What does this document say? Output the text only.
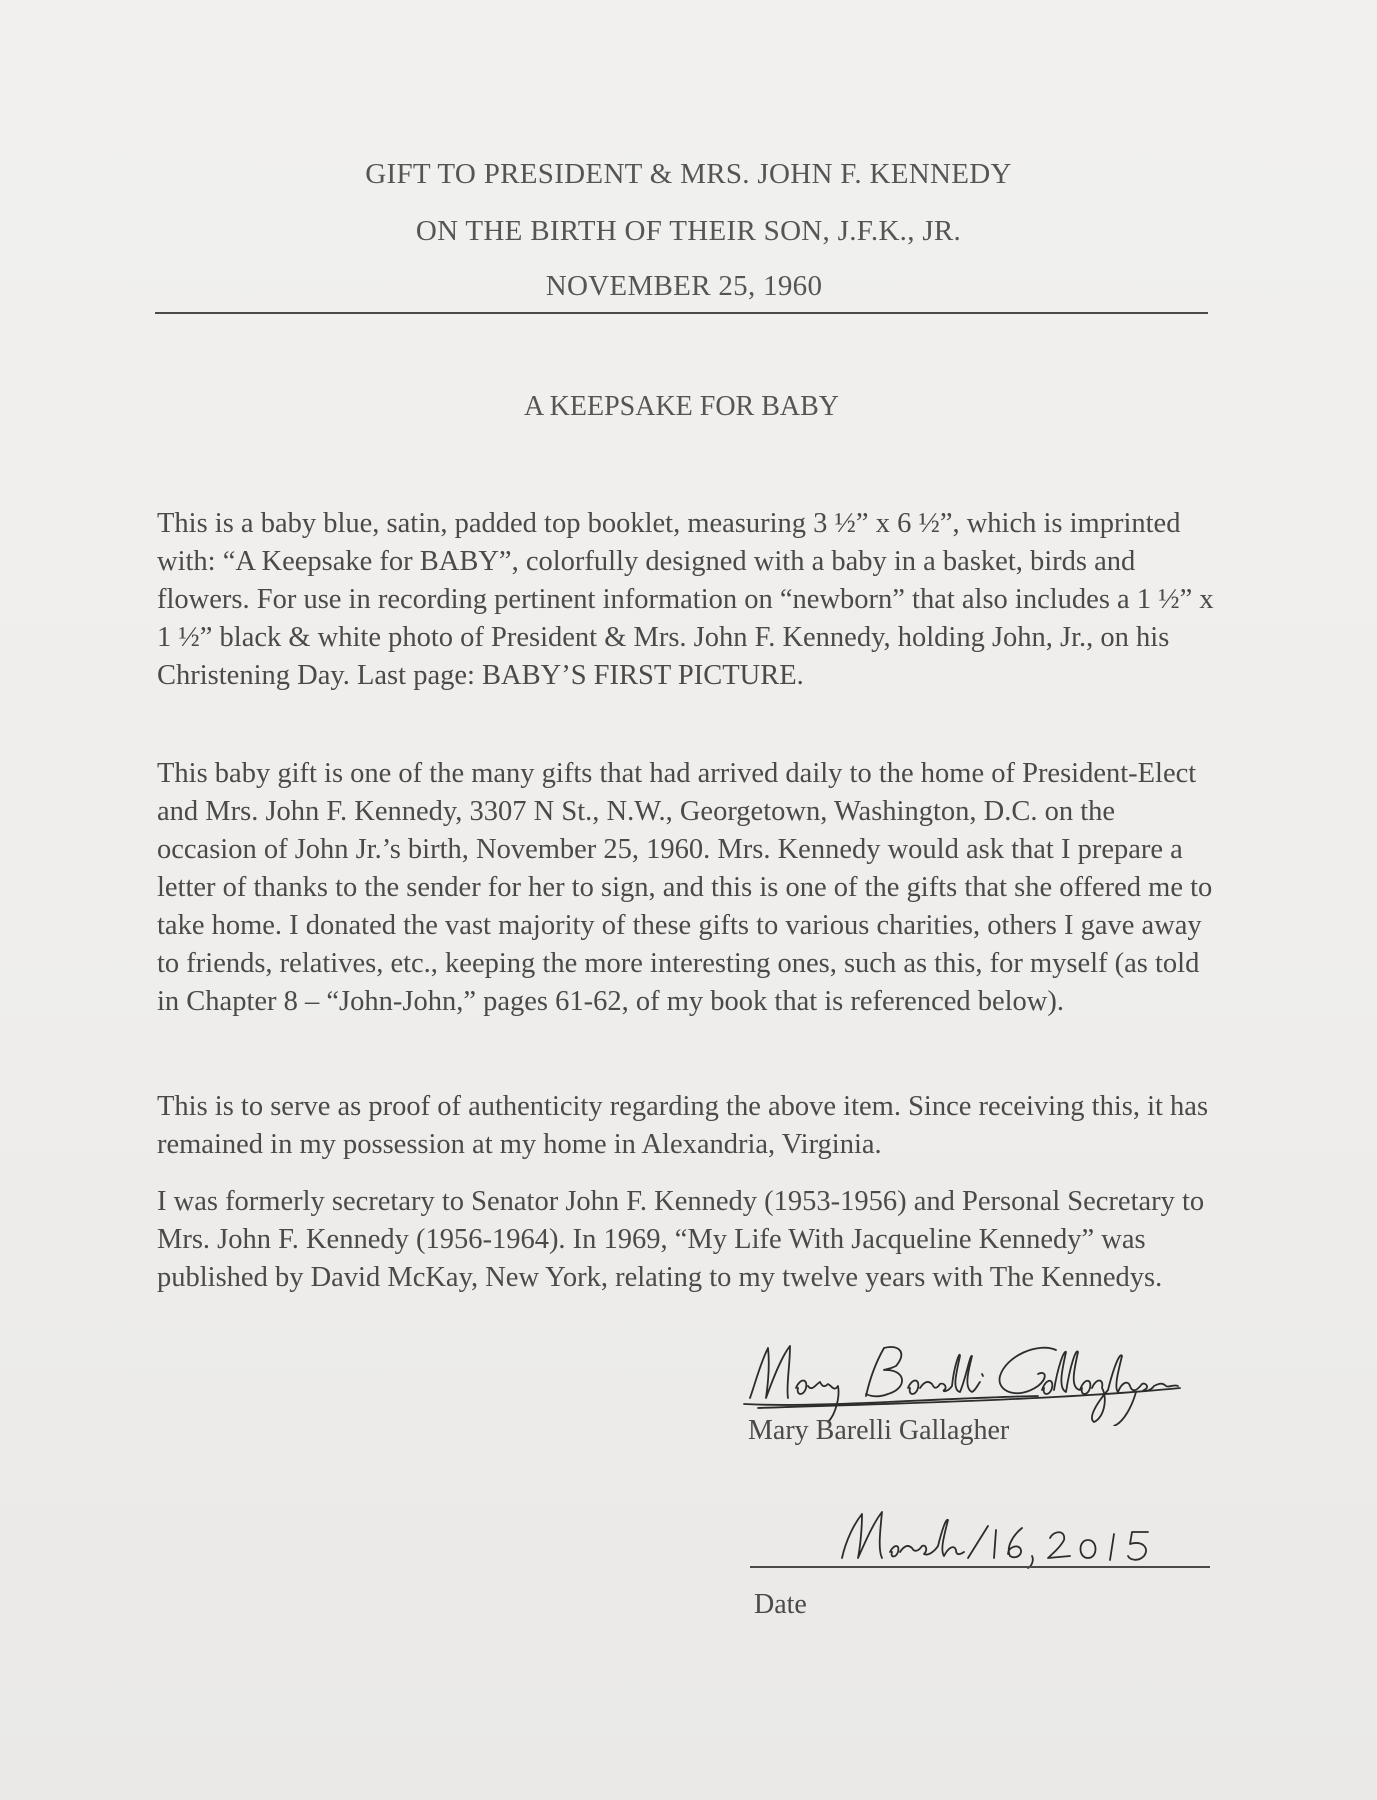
GIFT TO PRESIDENT & MRS. JOHN F. KENNEDY
ON THE BIRTH OF THEIR SON, J.F.K., JR.
NOVEMBER 25, 1960
A KEEPSAKE FOR BABY

This is a baby blue, satin, padded top booklet, measuring 3 ½” x 6 ½”, which is imprinted with: “A Keepsake for BABY”, colorfully designed with a baby in a basket, birds and flowers. For use in recording pertinent information on “newborn” that also includes a 1 ½” x 1 ½” black & white photo of President & Mrs. John F. Kennedy, holding John, Jr., on his Christening Day. Last page: BABY’S FIRST PICTURE.

This baby gift is one of the many gifts that had arrived daily to the home of President-Elect and Mrs. John F. Kennedy, 3307 N St., N.W., Georgetown, Washington, D.C. on the occasion of John Jr.’s birth, November 25, 1960. Mrs. Kennedy would ask that I prepare a letter of thanks to the sender for her to sign, and this is one of the gifts that she offered me to take home. I donated the vast majority of these gifts to various charities, others I gave away to friends, relatives, etc., keeping the more interesting ones, such as this, for myself (as told in Chapter 8 – “John-John,” pages 61-62, of my book that is referenced below).

This is to serve as proof of authenticity regarding the above item. Since receiving this, it has remained in my possession at my home in Alexandria, Virginia.

I was formerly secretary to Senator John F. Kennedy (1953-1956) and Personal Secretary to Mrs. John F. Kennedy (1956-1964). In 1969, “My Life With Jacqueline Kennedy” was published by David McKay, New York, relating to my twelve years with The Kennedys.

Mary Barelli Gallagher
Date
